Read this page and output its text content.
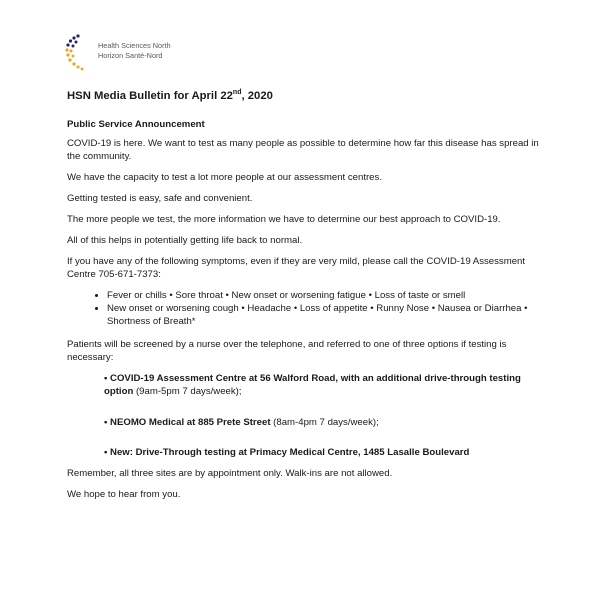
Health Sciences North
Horizon Santé-Nord
HSN Media Bulletin for April 22nd, 2020

Public Service Announcement

COVID-19 is here. We want to test as many people as possible to determine how far this disease has spread in the community.

We have the capacity to test a lot more people at our assessment centres.

Getting tested is easy, safe and convenient.

The more people we test, the more information we have to determine our best approach to COVID-19.

All of this helps in potentially getting life back to normal.

If you have any of the following symptoms, even if they are very mild, please call the COVID-19 Assessment Centre 705-671-7373:

• Fever or chills • Sore throat • New onset or worsening fatigue • Loss of taste or smell
• New onset or worsening cough • Headache • Loss of appetite • Runny Nose • Nausea or Diarrhea • Shortness of Breath*

Patients will be screened by a nurse over the telephone, and referred to one of three options if testing is necessary:

• COVID-19 Assessment Centre at 56 Walford Road, with an additional drive-through testing option (9am-5pm 7 days/week);

• NEOMO Medical at 885 Prete Street (8am-4pm 7 days/week);

• New: Drive-Through testing at Primacy Medical Centre, 1485 Lasalle Boulevard

Remember, all three sites are by appointment only. Walk-ins are not allowed.

We hope to hear from you.
